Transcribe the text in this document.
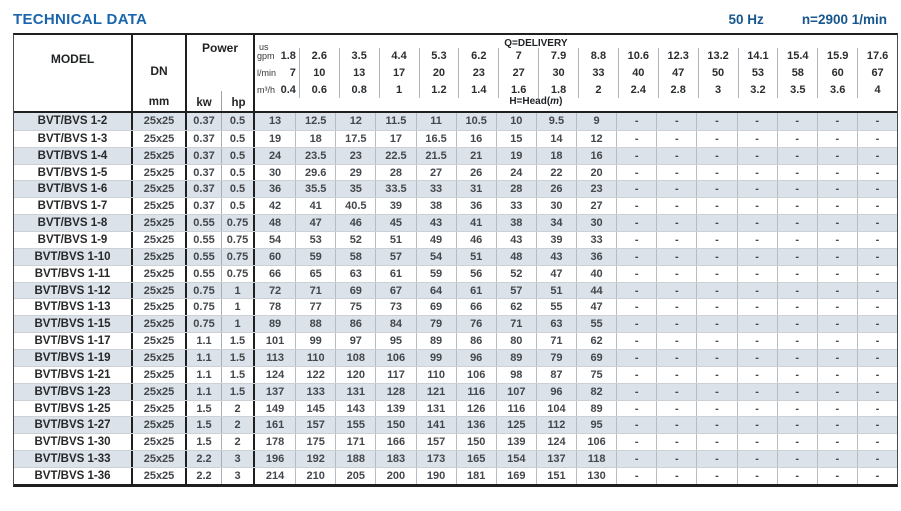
TECHNICAL DATA	50 Hz	n=2900 1/min
MODEL
DN
mm
Power
kw	hp
us	Q=DELIVERY
gpm 1.8	2.6	3.5	4.4	5.3	6.2	7	7.9	8.8	10.6	12.3	13.2	14.1	15.4	15.9	17.6
l/min 7	10	13	17	20	23	27	30	33	40	47	50	53	58	60	67
m³/h 0.4	0.6	0.8	1	1.2	1.4	1.6	1.8	2	2.4	2.8	3	3.2	3.5	3.6	4
H=Head(m)
BVT/BVS 1-2	25x25	0.37	0.5	13	12.5	12	11.5	11	10.5	10	9.5	9	-	-	-	-	-	-	-
BVT/BVS 1-3	25x25	0.37	0.5	19	18	17.5	17	16.5	16	15	14	12	-	-	-	-	-	-	-
BVT/BVS 1-4	25x25	0.37	0.5	24	23.5	23	22.5	21.5	21	19	18	16	-	-	-	-	-	-	-
BVT/BVS 1-5	25x25	0.37	0.5	30	29.6	29	28	27	26	24	22	20	-	-	-	-	-	-	-
BVT/BVS 1-6	25x25	0.37	0.5	36	35.5	35	33.5	33	31	28	26	23	-	-	-	-	-	-	-
BVT/BVS 1-7	25x25	0.37	0.5	42	41	40.5	39	38	36	33	30	27	-	-	-	-	-	-	-
BVT/BVS 1-8	25x25	0.55	0.75	48	47	46	45	43	41	38	34	30	-	-	-	-	-	-	-
BVT/BVS 1-9	25x25	0.55	0.75	54	53	52	51	49	46	43	39	33	-	-	-	-	-	-	-
BVT/BVS 1-10	25x25	0.55	0.75	60	59	58	57	54	51	48	43	36	-	-	-	-	-	-	-
BVT/BVS 1-11	25x25	0.55	0.75	66	65	63	61	59	56	52	47	40	-	-	-	-	-	-	-
BVT/BVS 1-12	25x25	0.75	1	72	71	69	67	64	61	57	51	44	-	-	-	-	-	-	-
BVT/BVS 1-13	25x25	0.75	1	78	77	75	73	69	66	62	55	47	-	-	-	-	-	-	-
BVT/BVS 1-15	25x25	0.75	1	89	88	86	84	79	76	71	63	55	-	-	-	-	-	-	-
BVT/BVS 1-17	25x25	1.1	1.5	101	99	97	95	89	86	80	71	62	-	-	-	-	-	-	-
BVT/BVS 1-19	25x25	1.1	1.5	113	110	108	106	99	96	89	79	69	-	-	-	-	-	-	-
BVT/BVS 1-21	25x25	1.1	1.5	124	122	120	117	110	106	98	87	75	-	-	-	-	-	-	-
BVT/BVS 1-23	25x25	1.1	1.5	137	133	131	128	121	116	107	96	82	-	-	-	-	-	-	-
BVT/BVS 1-25	25x25	1.5	2	149	145	143	139	131	126	116	104	89	-	-	-	-	-	-	-
BVT/BVS 1-27	25x25	1.5	2	161	157	155	150	141	136	125	112	95	-	-	-	-	-	-	-
BVT/BVS 1-30	25x25	1.5	2	178	175	171	166	157	150	139	124	106	-	-	-	-	-	-	-
BVT/BVS 1-33	25x25	2.2	3	196	192	188	183	173	165	154	137	118	-	-	-	-	-	-	-
BVT/BVS 1-36	25x25	2.2	3	214	210	205	200	190	181	169	151	130	-	-	-	-	-	-	-
